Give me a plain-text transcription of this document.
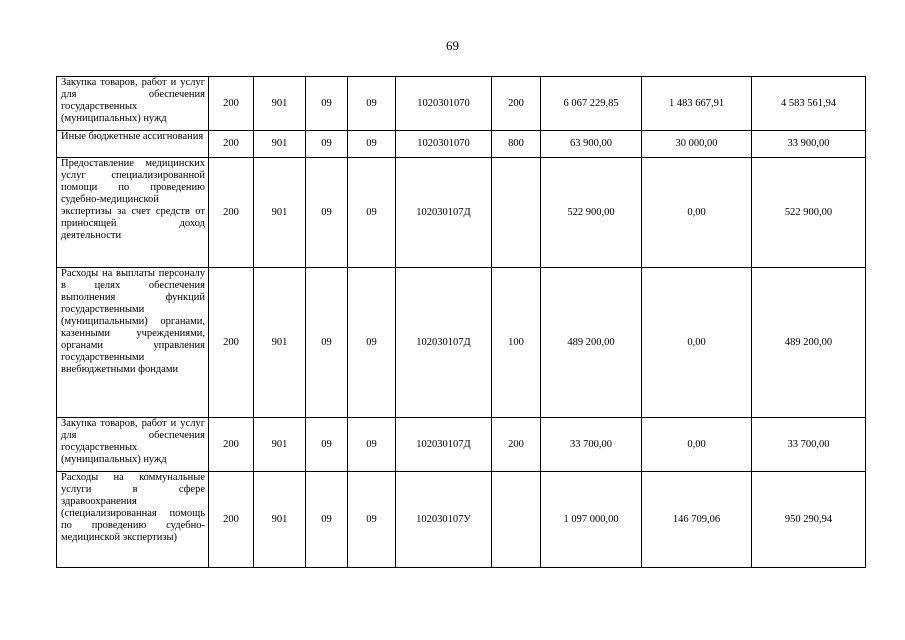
69
Закупка товаров, работ и услуг для обеспечения государственных (муниципальных) нужд	200	901	09	09	1020301070	200	6 067 229,85	1 483 667,91	4 583 561,94
Иные бюджетные ассигнования	200	901	09	09	1020301070	800	63 900,00	30 000,00	33 900,00
Предоставление медицинских услуг специализированной помощи по проведению судебно-медицинской экспертизы за счет средств от приносящей доход деятельности	200	901	09	09	102030107Д		522 900,00	0,00	522 900,00
Расходы на выплаты персоналу в целях обеспечения выполнения функций государственными (муниципальными) органами, казенными учреждениями, органами управления государственными внебюджетными фондами	200	901	09	09	102030107Д	100	489 200,00	0,00	489 200,00
Закупка товаров, работ и услуг для обеспечения государственных (муниципальных) нужд	200	901	09	09	102030107Д	200	33 700,00	0,00	33 700,00
Расходы на коммунальные услуги в сфере здравоохранения (специализированная помощь по проведению судебно-медицинской экспертизы)	200	901	09	09	102030107У		1 097 000,00	146 709,06	950 290,94
